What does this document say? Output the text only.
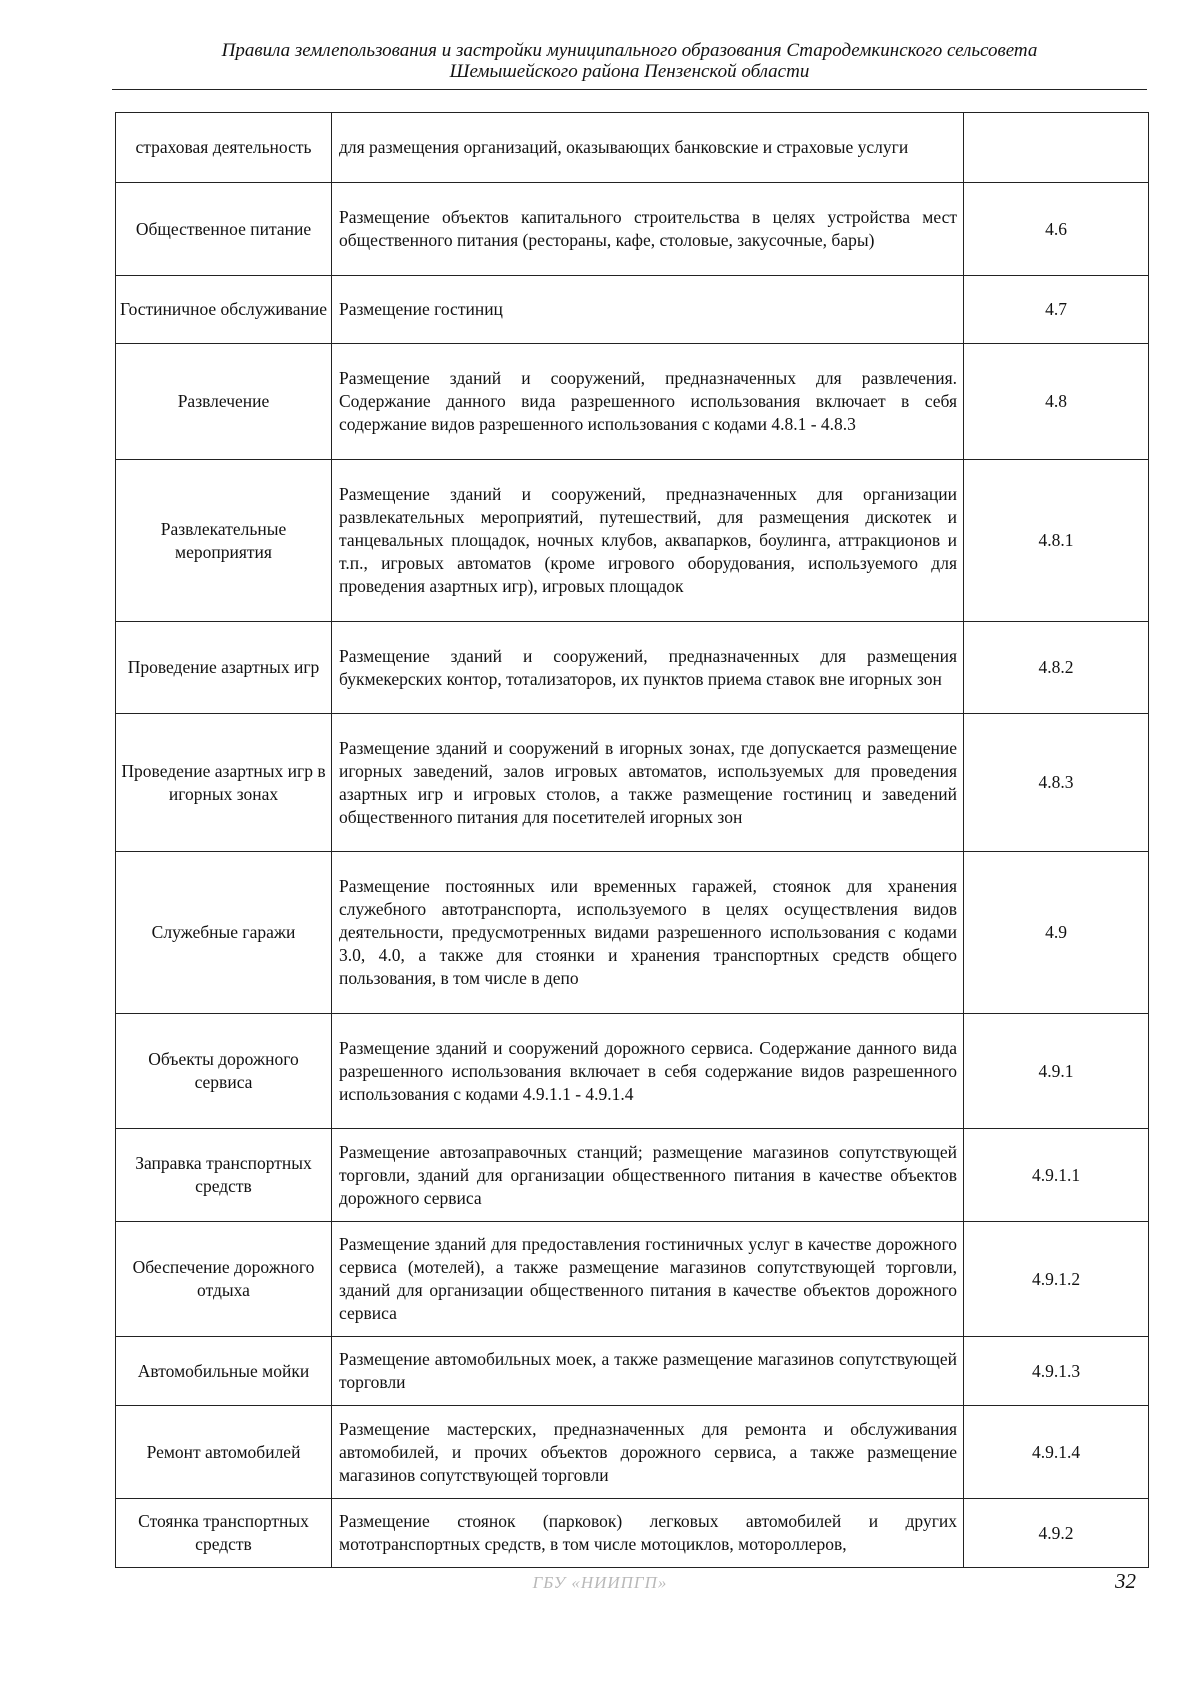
Правила землепользования и застройки муниципального образования Стародемкинского сельсовета
Шемышейского района Пензенской области
страховая деятельность	для размещения организаций, оказывающих банковские и страховые услуги	
Общественное питание	Размещение объектов капитального строительства в целях устройства мест общественного питания (рестораны, кафе, столовые, закусочные, бары)	4.6
Гостиничное обслуживание	Размещение гостиниц	4.7
Развлечение	Размещение зданий и сооружений, предназначенных для развлечения. Содержание данного вида разрешенного использования включает в себя содержание видов разрешенного использования с кодами 4.8.1 - 4.8.3	4.8
Развлекательные мероприятия	Размещение зданий и сооружений, предназначенных для организации развлекательных мероприятий, путешествий, для размещения дискотек и танцевальных площадок, ночных клубов, аквапарков, боулинга, аттракционов и т.п., игровых автоматов (кроме игрового оборудования, используемого для проведения азартных игр), игровых площадок	4.8.1
Проведение азартных игр	Размещение зданий и сооружений, предназначенных для размещения букмекерских контор, тотализаторов, их пунктов приема ставок вне игорных зон	4.8.2
Проведение азартных игр в игорных зонах	Размещение зданий и сооружений в игорных зонах, где допускается размещение игорных заведений, залов игровых автоматов, используемых для проведения азартных игр и игровых столов, а также размещение гостиниц и заведений общественного питания для посетителей игорных зон	4.8.3
Служебные гаражи	Размещение постоянных или временных гаражей, стоянок для хранения служебного автотранспорта, используемого в целях осуществления видов деятельности, предусмотренных видами разрешенного использования с кодами 3.0, 4.0, а также для стоянки и хранения транспортных средств общего пользования, в том числе в депо	4.9
Объекты дорожного сервиса	Размещение зданий и сооружений дорожного сервиса. Содержание данного вида разрешенного использования включает в себя содержание видов разрешенного использования с кодами 4.9.1.1 - 4.9.1.4	4.9.1
Заправка транспортных средств	Размещение автозаправочных станций; размещение магазинов сопутствующей торговли, зданий для организации общественного питания в качестве объектов дорожного сервиса	4.9.1.1
Обеспечение дорожного отдыха	Размещение зданий для предоставления гостиничных услуг в качестве дорожного сервиса (мотелей), а также размещение магазинов сопутствующей торговли, зданий для организации общественного питания в качестве объектов дорожного сервиса	4.9.1.2
Автомобильные мойки	Размещение автомобильных моек, а также размещение магазинов сопутствующей торговли	4.9.1.3
Ремонт автомобилей	Размещение мастерских, предназначенных для ремонта и обслуживания автомобилей, и прочих объектов дорожного сервиса, а также размещение магазинов сопутствующей торговли	4.9.1.4
Стоянка транспортных средств	Размещение стоянок (парковок) легковых автомобилей и других мототранспортных средств, в том числе мотоциклов, мотороллеров,	4.9.2
ГБУ «НИИПГП»	32
